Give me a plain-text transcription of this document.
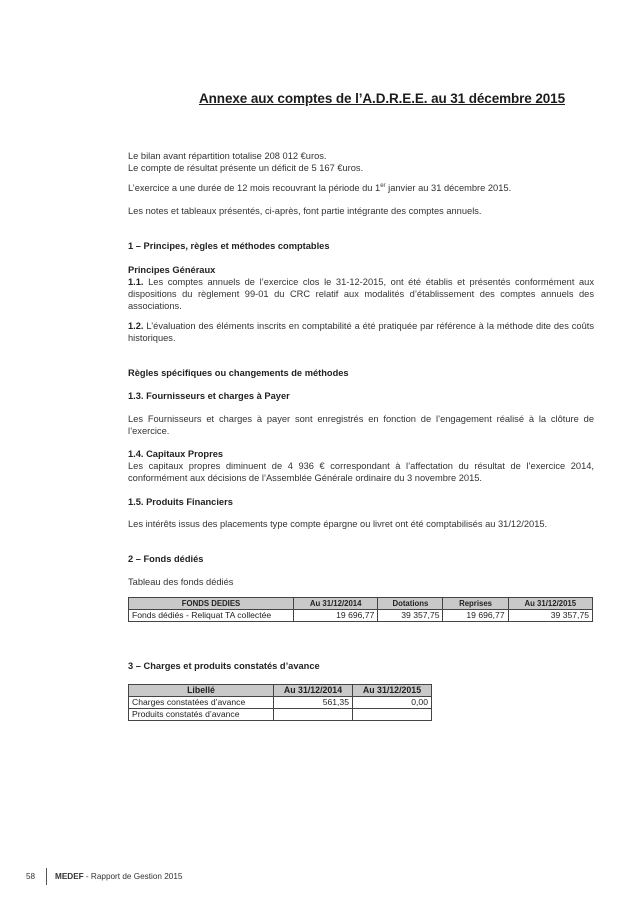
Annexe aux comptes de l’A.D.R.E.E. au 31 décembre 2015
Le bilan avant répartition totalise 208 012 €uros.
Le compte de résultat présente un déficit de 5 167 €uros.
L’exercice a une durée de 12 mois recouvrant la période du 1er janvier au 31 décembre 2015.
Les notes et tableaux présentés, ci-après, font partie intégrante des comptes annuels.
1 – Principes, règles et méthodes comptables
Principes Généraux
1.1. Les comptes annuels de l’exercice clos le 31-12-2015, ont été établis et présentés conformément aux dispositions du règlement 99-01 du CRC relatif aux modalités d’établissement des comptes annuels des associations.
1.2. L’évaluation des éléments inscrits en comptabilité a été pratiquée par référence à la méthode dite des coûts historiques.
Règles spécifiques ou changements de méthodes
1.3. Fournisseurs et charges à Payer
Les Fournisseurs et charges à payer sont enregistrés en fonction de l’engagement réalisé à la clôture de l’exercice.
1.4. Capitaux Propres
Les capitaux propres diminuent de 4 936 € correspondant à l’affectation du résultat de l’exercice 2014, conformément aux décisions de l’Assemblée Générale ordinaire du 3 novembre 2015.
1.5. Produits Financiers
Les intérêts issus des placements type compte épargne ou livret ont été comptabilisés au 31/12/2015.
2 – Fonds dédiés
Tableau des fonds dédiés
FONDS DEDIES	Au 31/12/2014	Dotations	Reprises	Au 31/12/2015
Fonds dédiés - Reliquat TA collectée	19 696,77	39 357,75	19 696,77	39 357,75
3 – Charges et produits constatés d’avance
Libellé	Au 31/12/2014	Au 31/12/2015
Charges constatées d’avance	561,35	0,00
Produits constatés d’avance		
58 MEDEF - Rapport de Gestion 2015
